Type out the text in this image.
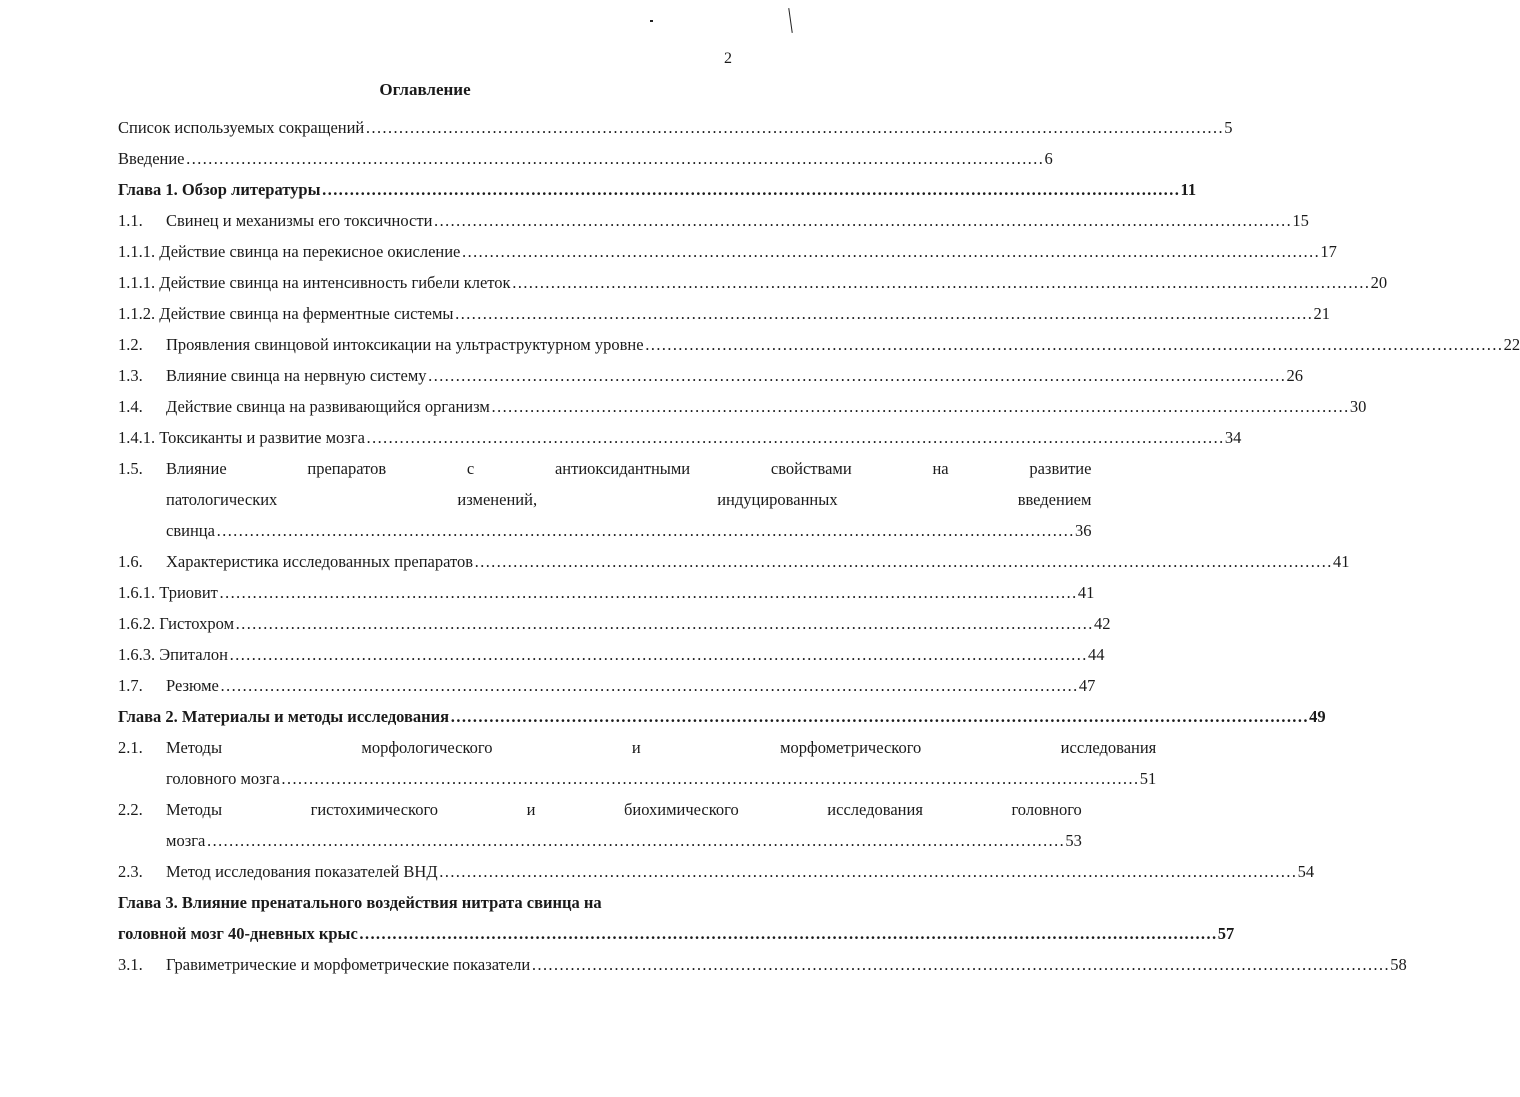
2
Оглавление
Список используемых сокращений …………………………………………………………………………………………………………………………………………	5
Введение …………………………………………………………………………………………………………………………………………	6
Глава 1. Обзор литературы …………………………………………………………………………………………………………………………………………	11
1.1.	Свинец и механизмы его токсичности …………………………………………………………………………………………………………………………………………	15
1.1.1. Действие свинца на перекисное окисление …………………………………………………………………………………………………………………………………………	17
1.1.1. Действие свинца на интенсивность гибели клеток …………………………………………………………………………………………………………………………………………	20
1.1.2. Действие свинца на ферментные системы …………………………………………………………………………………………………………………………………………	21
1.2.	Проявления свинцовой интоксикации на ультраструктурном уровне …………………………………………………………………………………………………………………………………………	22
1.3.	Влияние свинца на нервную систему …………………………………………………………………………………………………………………………………………	26
1.4.	Действие свинца на развивающийся организм …………………………………………………………………………………………………………………………………………	30
1.4.1. Токсиканты и развитие мозга …………………………………………………………………………………………………………………………………………	34
1.5.	Влияние препаратов с антиоксидантными свойствами на развитие
патологических изменений, индуцированных введением
свинца …………………………………………………………………………………………………………………………………………	36
1.6.	Характеристика исследованных препаратов …………………………………………………………………………………………………………………………………………	41
1.6.1. Триовит …………………………………………………………………………………………………………………………………………	41
1.6.2. Гистохром …………………………………………………………………………………………………………………………………………	42
1.6.3. Эпиталон …………………………………………………………………………………………………………………………………………	44
1.7.	Резюме …………………………………………………………………………………………………………………………………………	47
Глава 2. Материалы и методы исследования …………………………………………………………………………………………………………………………………………	49
2.1.	Методы морфологического и морфометрического исследования
головного мозга …………………………………………………………………………………………………………………………………………	51
2.2.	Методы гистохимического и биохимического исследования головного
мозга …………………………………………………………………………………………………………………………………………	53
2.3.	Метод исследования показателей ВНД …………………………………………………………………………………………………………………………………………	54
Глава 3. Влияние пренатального воздействия нитрата свинца на
головной мозг 40-дневных крыс …………………………………………………………………………………………………………………………………………	57
3.1.	Гравиметрические и морфометрические показатели …………………………………………………………………………………………………………………………………………	58
